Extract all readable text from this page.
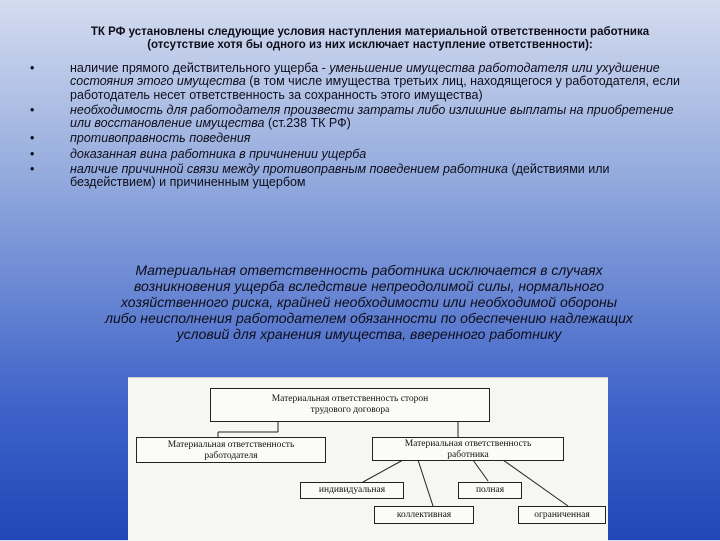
ТК РФ установлены следующие условия наступления материальной ответственности работника
(отсутствие хотя бы одного из них исключает наступление ответственности):
•	наличие прямого действительного ущерба - уменьшение имущества работодателя или ухудшение состояния этого имущества (в том числе имущества третьих лиц, находящегося у работодателя, если работодатель несет ответственность за сохранность этого имущества)
•	необходимость для работодателя произвести затраты либо излишние выплаты на приобретение или восстановление имущества (ст.238 ТК РФ)
•	противоправность поведения
•	доказанная вина работника в причинении ущерба
•	наличие причинной связи между противоправным поведением работника (действиями или бездействием) и причиненным ущербом
Материальная ответственность работника исключается в случаях
возникновения ущерба вследствие непреодолимой силы, нормального
хозяйственного риска, крайней необходимости или необходимой обороны
либо неисполнения работодателем обязанности по обеспечению надлежащих
условий для хранения имущества, вверенного работнику
Материальная ответственность сторон
трудового договора
Материальная ответственность
работодателя
Материальная ответственность
работника
индивидуальная	полная
коллективная	ограниченная
